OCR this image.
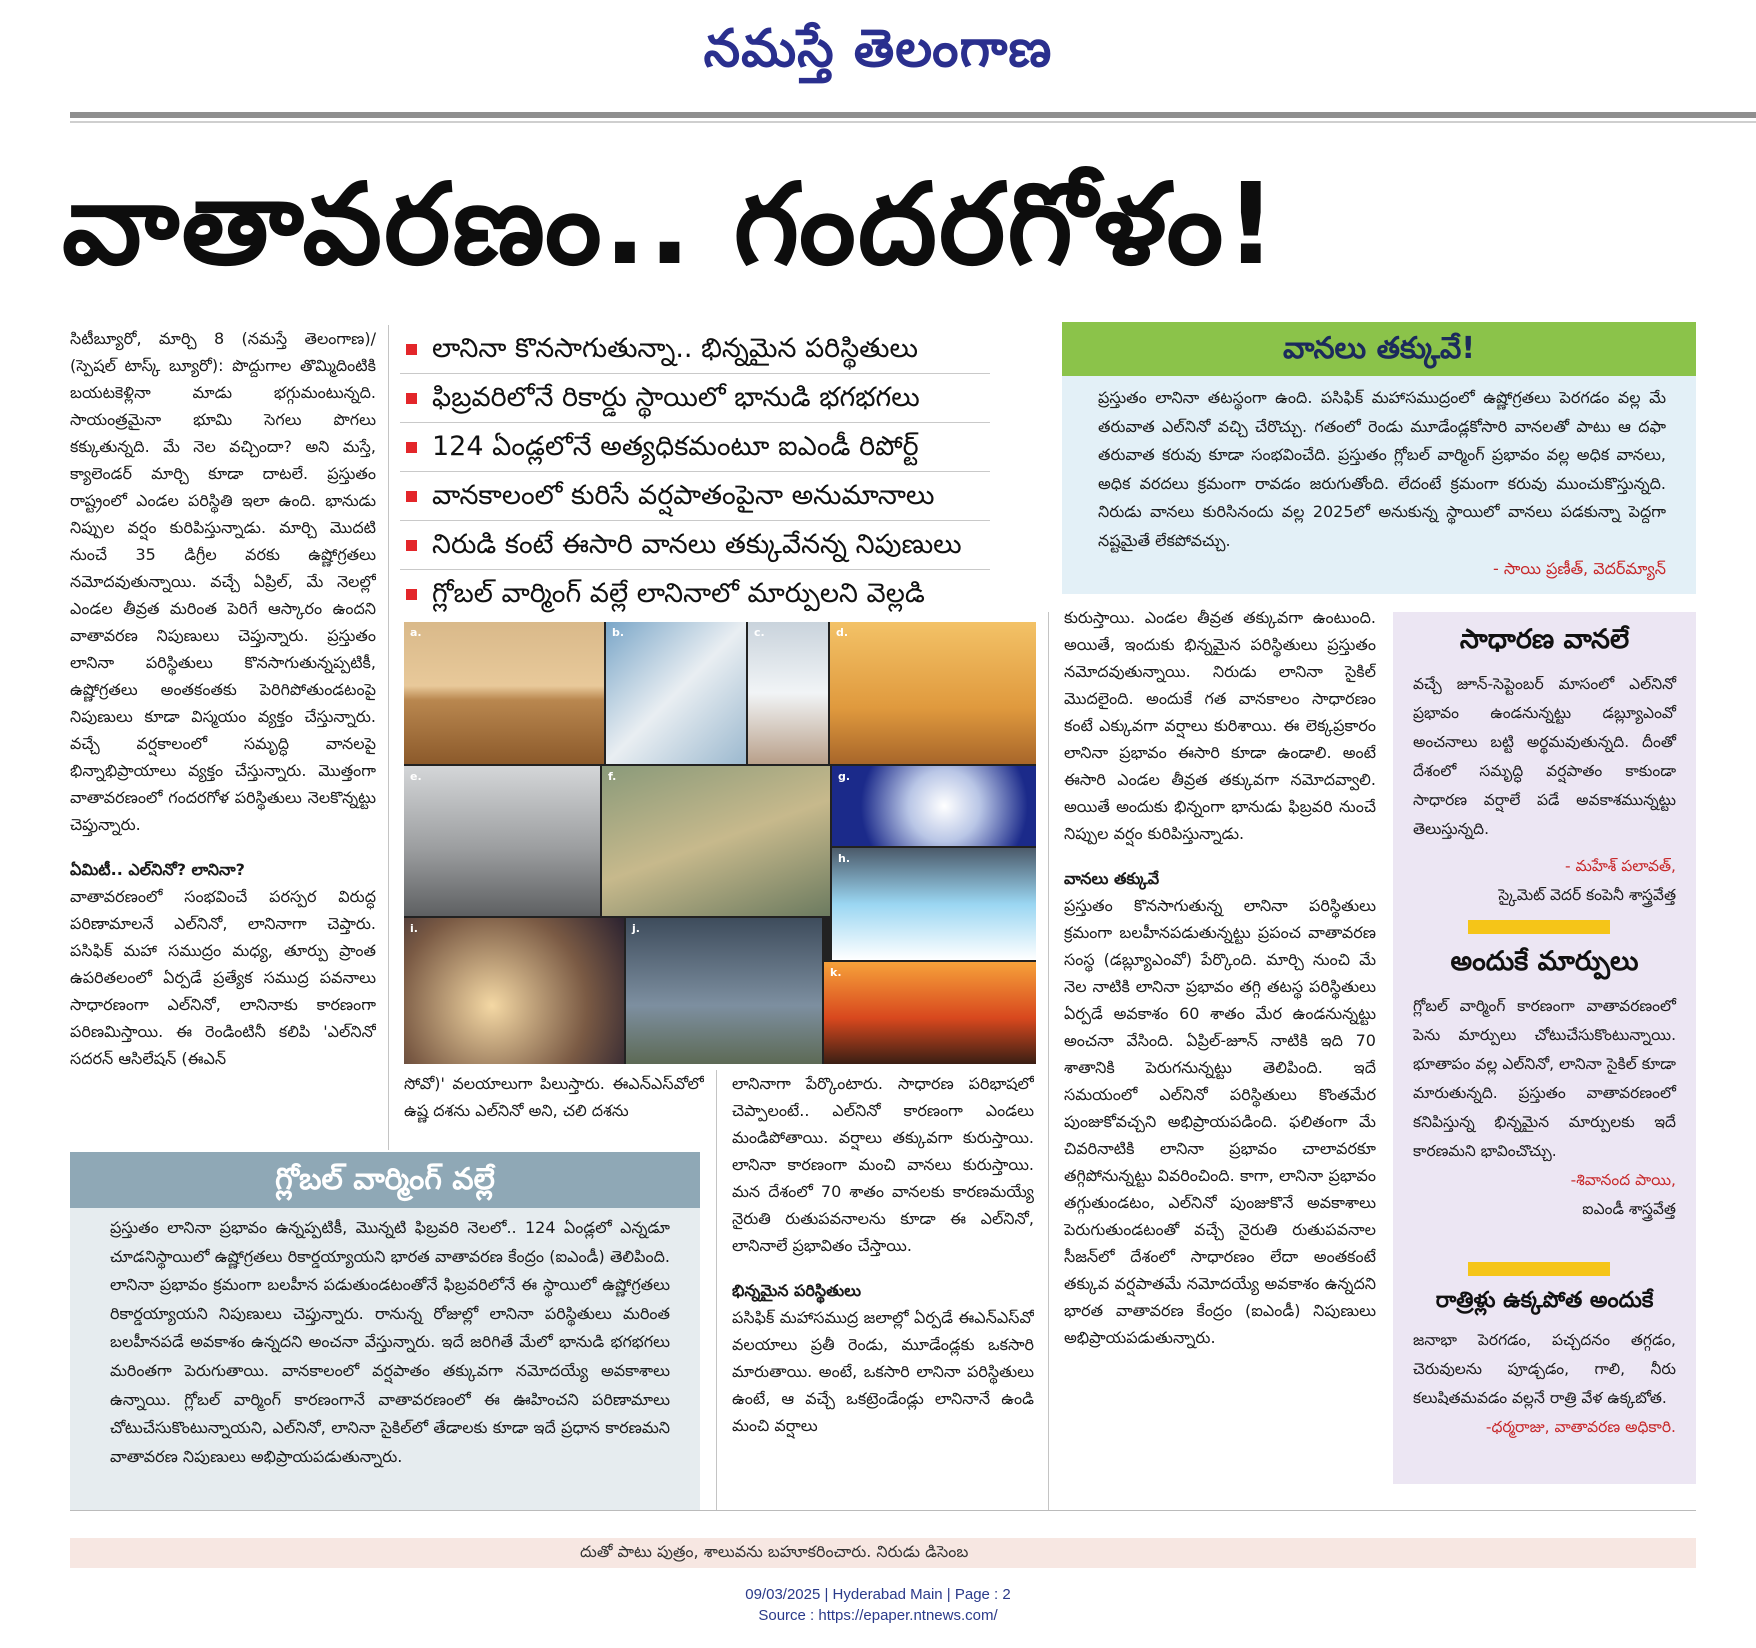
నమస్తే తెలంగాణ
వాతావరణం.. గందరగోళం!

సిటీబ్యూరో, మార్చి 8 (నమస్తే తెలంగాణ)/ (స్పెషల్ టాస్క్ బ్యూరో): పొద్దుగాల తొమ్మిదింటికి బయటకెళ్లినా మాడు భగ్గుమంటున్నది. సాయంత్రమైనా భూమి సెగలు పొగలు కక్కుతున్నది. మే నెల వచ్చిందా? అని మస్తే, క్యాలెండర్ మార్చి కూడా దాటలే. ప్రస్తుతం రాష్ట్రంలో ఎండల పరిస్థితి ఇలా ఉంది. భానుడు నిప్పుల వర్షం కురిపిస్తున్నాడు. మార్చి మొదటి నుంచే 35 డిగ్రీల వరకు ఉష్ణోగ్రతలు నమోదవుతున్నాయి. వచ్చే ఏప్రిల్, మే నెలల్లో ఎండల తీవ్రత మరింత పెరిగే ఆస్కారం ఉందని వాతావరణ నిపుణులు చెప్తున్నారు. ప్రస్తుతం లానినా పరిస్థితులు కొనసాగుతున్నప్పటికీ, ఉష్ణోగ్రతలు అంతకంతకు పెరిగిపోతుండటంపై నిపుణులు కూడా విస్మయం వ్యక్తం చేస్తున్నారు. వచ్చే వర్షకాలంలో సమృద్ధి వానలపై భిన్నాభిప్రాయాలు వ్యక్తం చేస్తున్నారు. మొత్తంగా వాతావరణంలో గందరగోళ పరిస్థితులు నెలకొన్నట్టు చెప్తున్నారు.

ఏమిటీ.. ఎల్‌నినో? లానినా?

వాతావరణంలో సంభవించే పరస్పర విరుద్ధ పరిణామాలనే ఎల్‌నినో, లానినాగా చెప్తారు. పసిఫిక్ మహా సముద్రం మధ్య, తూర్పు ప్రాంత ఉపరితలంలో ఏర్పడే ప్రత్యేక సముద్ర పవనాలు సాధారణంగా ఎల్‌నినో, లానినాకు కారణంగా పరిణమిస్తాయి. ఈ రెండింటినీ కలిపి 'ఎల్‌నినో సదరన్ ఆసిలేషన్ (ఈఎన్

లానినా కొనసాగుతున్నా.. భిన్నమైన పరిస్థితులు
ఫిబ్రవరిలోనే రికార్డు స్థాయిలో భానుడి భగభగలు
124 ఏండ్లలోనే అత్యధికమంటూ ఐఎండీ రిపోర్ట్
వానకాలంలో కురిసే వర్షపాతంపైనా అనుమానాలు
నిరుడి కంటే ఈసారి వానలు తక్కువేనన్న నిపుణులు
గ్లోబల్ వార్మింగ్ వల్లే లానినాలో మార్పులని వెల్లడి
a.	b.	c.	d.
e.	f.	g.
h.
i.	j.
k.

సోవో)' వలయాలుగా పిలుస్తారు. ఈఎన్‌ఎస్‌వోలో ఉష్ణ దశను ఎల్‌నినో అని, చలి దశను

లానినాగా పేర్కొంటారు. సాధారణ పరిభాషలో చెప్పాలంటే.. ఎల్‌నినో కారణంగా ఎండలు మండిపోతాయి. వర్షాలు తక్కువగా కురుస్తాయి. లానినా కారణంగా మంచి వానలు కురుస్తాయి. మన దేశంలో 70 శాతం వానలకు కారణమయ్యే నైరుతి రుతుపవనాలను కూడా ఈ ఎల్‌నినో, లానినాలే ప్రభావితం చేస్తాయి.

భిన్నమైన పరిస్థితులు

పసిఫిక్ మహాసముద్ర జలాల్లో ఏర్పడే ఈఎన్‌ఎస్‌వో వలయాలు ప్రతీ రెండు, మూడేండ్లకు ఒకసారి మారుతాయి. అంటే, ఒకసారి లానినా పరిస్థితులు ఉంటే, ఆ వచ్చే ఒకట్రెండేండ్లు లానినానే ఉండి మంచి వర్షాలు

వానలు తక్కువే!

ప్రస్తుతం లానినా తటస్థంగా ఉంది. పసిఫిక్ మహాసముద్రంలో ఉష్ణోగ్రతలు పెరగడం వల్ల మే తరువాత ఎల్‌నినో వచ్చి చేరొచ్చు. గతంలో రెండు మూడేండ్లకోసారి వానలతో పాటు ఆ దఫా తరువాత కరువు కూడా సంభవించేది. ప్రస్తుతం గ్లోబల్ వార్మింగ్ ప్రభావం వల్ల అధిక వానలు, అధిక వరదలు క్రమంగా రావడం జరుగుతోంది. లేదంటే క్రమంగా కరువు ముంచుకొస్తున్నది. నిరుడు వానలు కురిసినందు వల్ల 2025లో అనుకున్న స్థాయిలో వానలు పడకున్నా పెద్దగా నష్టమైతే లేకపోవచ్చు.

- సాయి ప్రణీత్, వెదర్‌మ్యాన్

కురుస్తాయి. ఎండల తీవ్రత తక్కువగా ఉంటుంది. అయితే, ఇందుకు భిన్నమైన పరిస్థితులు ప్రస్తుతం నమోదవుతున్నాయి. నిరుడు లానినా సైకిల్ మొదలైంది. అందుకే గత వానకాలం సాధారణం కంటే ఎక్కువగా వర్షాలు కురిశాయి. ఈ లెక్కప్రకారం లానినా ప్రభావం ఈసారి కూడా ఉండాలి. అంటే ఈసారి ఎండల తీవ్రత తక్కువగా నమోదవ్వాలి. అయితే అందుకు భిన్నంగా భానుడు ఫిబ్రవరి నుంచే నిప్పుల వర్షం కురిపిస్తున్నాడు.

వానలు తక్కువే

ప్రస్తుతం కొనసాగుతున్న లానినా పరిస్థితులు క్రమంగా బలహీనపడుతున్నట్టు ప్రపంచ వాతావరణ సంస్థ (డబ్ల్యూఎంవో) పేర్కొంది. మార్చి నుంచి మే నెల నాటికి లానినా ప్రభావం తగ్గి తటస్థ పరిస్థితులు ఏర్పడే అవకాశం 60 శాతం మేర ఉండనున్నట్టు అంచనా వేసింది. ఏప్రిల్-జూన్ నాటికి ఇది 70 శాతానికి పెరుగనున్నట్టు తెలిపింది. ఇదే సమయంలో ఎల్‌నినో పరిస్థితులు కొంతమేర పుంజుకోవచ్చని అభిప్రాయపడింది. ఫలితంగా మే చివరినాటికి లానినా ప్రభావం చాలావరకూ తగ్గిపోనున్నట్టు వివరించింది. కాగా, లానినా ప్రభావం తగ్గుతుండటం, ఎల్‌నినో పుంజుకొనే అవకాశాలు పెరుగుతుండటంతో వచ్చే నైరుతి రుతుపవనాల సీజన్‌లో దేశంలో సాధారణం లేదా అంతకంటే తక్కువ వర్షపాతమే నమోదయ్యే అవకాశం ఉన్నదని భారత వాతావరణ కేంద్రం (ఐఎండీ) నిపుణులు అభిప్రాయపడుతున్నారు.

సాధారణ వానలే
వచ్చే జూన్-సెప్టెంబర్ మాసంలో ఎల్‌నినో ప్రభావం ఉండనున్నట్టు డబ్ల్యూఎంవో అంచనాలు బట్టి అర్థమవుతున్నది. దీంతో దేశంలో సమృద్ధి వర్షపాతం కాకుండా సాధారణ వర్షాలే పడే అవకాశమున్నట్టు తెలుస్తున్నది.
- మహేశ్ పలావత్,
స్కైమెట్ వెదర్ కంపెనీ శాస్త్రవేత్త
అందుకే మార్పులు
గ్లోబల్ వార్మింగ్ కారణంగా వాతావరణంలో పెను మార్పులు చోటుచేసుకొంటున్నాయి. భూతాపం వల్ల ఎల్‌నినో, లానినా సైకిల్ కూడా మారుతున్నది. ప్రస్తుతం వాతావరణంలో కనిపిస్తున్న భిన్నమైన మార్పులకు ఇదే కారణమని భావించొచ్చు.
-శివానంద పాయి,
ఐఎండీ శాస్త్రవేత్త
రాత్రిళ్లు ఉక్కపోత అందుకే
జనాభా పెరగడం, పచ్చదనం తగ్గడం, చెరువులను పూడ్చడం, గాలి, నీరు కలుషితమవడం వల్లనే రాత్రి వేళ ఉక్కబోత.
-ధర్మరాజు, వాతావరణ అధికారి.
గ్లోబల్ వార్మింగ్ వల్లే

ప్రస్తుతం లానినా ప్రభావం ఉన్నప్పటికీ, మొన్నటి ఫిబ్రవరి నెలలో.. 124 ఏండ్లలో ఎన్నడూ చూడనిస్థాయిలో ఉష్ణోగ్రతలు రికార్డయ్యాయని భారత వాతావరణ కేంద్రం (ఐఎండీ) తెలిపింది. లానినా ప్రభావం క్రమంగా బలహీన పడుతుండటంతోనే ఫిబ్రవరిలోనే ఈ స్థాయిలో ఉష్ణోగ్రతలు రికార్డయ్యాయని నిపుణులు చెప్తున్నారు. రానున్న రోజుల్లో లానినా పరిస్థితులు మరింత బలహీనపడే అవకాశం ఉన్నదని అంచనా వేస్తున్నారు. ఇదే జరిగితే మేలో భానుడి భగభగలు మరింతగా పెరుగుతాయి. వానకాలంలో వర్షపాతం తక్కువగా నమోదయ్యే అవకాశాలు ఉన్నాయి. గ్లోబల్ వార్మింగ్ కారణంగానే వాతావరణంలో ఈ ఊహించని పరిణామాలు చోటుచేసుకొంటున్నాయని, ఎల్‌నినో, లానినా సైకిల్‌లో తేడాలకు కూడా ఇదే ప్రధాన కారణమని వాతావరణ నిపుణులు అభిప్రాయపడుతున్నారు.

దుతో పాటు పుత్రం, శాలువను బహూకరించారు. నిరుడు డిసెంబ
09/03/2025 | Hyderabad Main | Page : 2
Source : https://epaper.ntnews.com/
